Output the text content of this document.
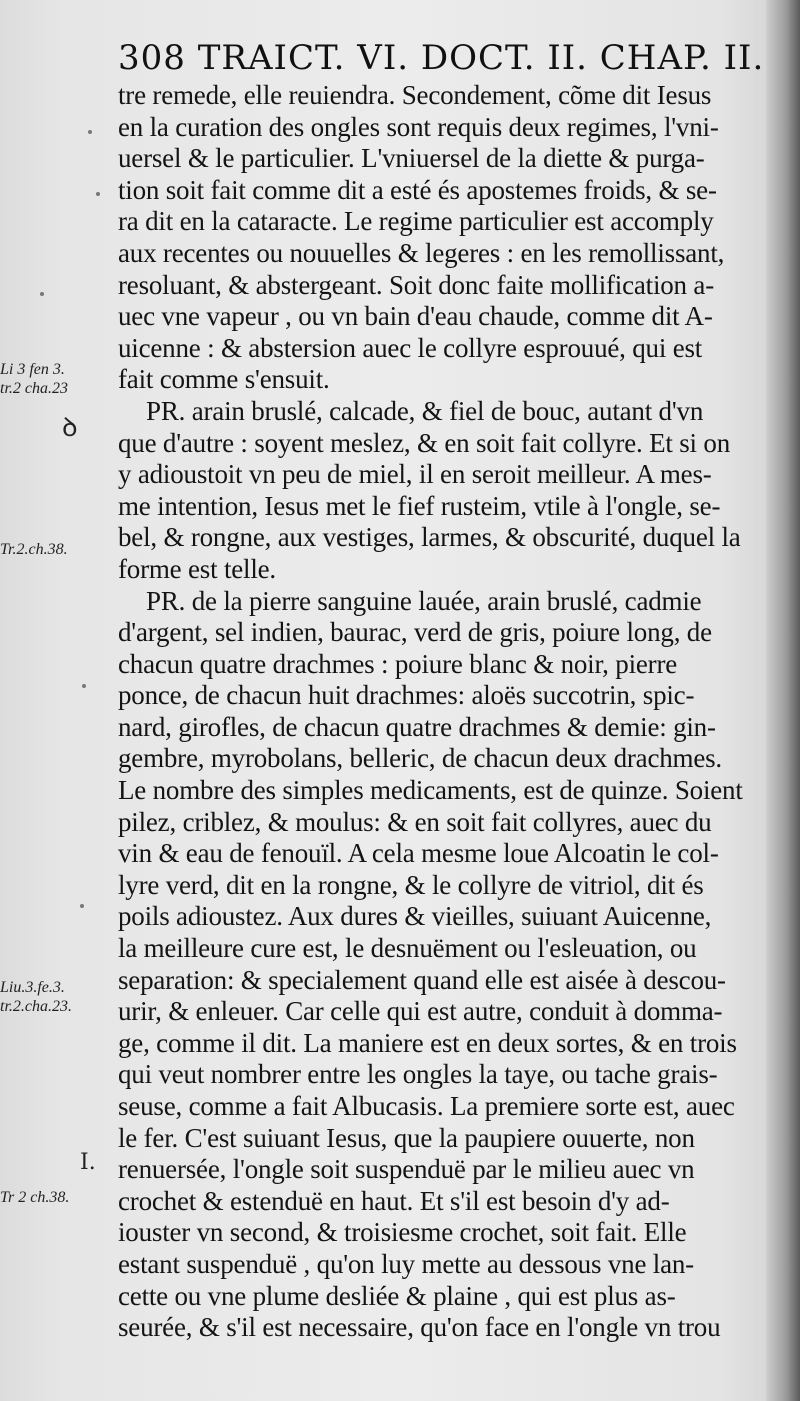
308 TRAICT. VI. DOCT. II. CHAP. II.
tre remede, elle reuiendra. Secondement, cõme dit Iesus
en la curation des ongles sont requis deux regimes, l'vni-
uersel & le particulier. L'vniuersel de la diette & purga-
tion soit fait comme dit a esté és apostemes froids, & se-
ra dit en la cataracte. Le regime particulier est accomply
aux recentes ou nouuelles & legeres : en les remollissant,
resoluant, & abstergeant. Soit donc faite mollification a-
uec vne vapeur , ou vn bain d'eau chaude, comme dit A-
uicenne : & abstersion auec le collyre esprouué, qui est
fait comme s'ensuit.
PR. arain bruslé, calcade, & fiel de bouc, autant d'vn
que d'autre : soyent meslez, & en soit fait collyre. Et si on
y adioustoit vn peu de miel, il en seroit meilleur. A mes-
me intention, Iesus met le fief rusteim, vtile à l'ongle, se-
bel, & rongne, aux vestiges, larmes, & obscurité, duquel la
forme est telle.
PR. de la pierre sanguine lauée, arain bruslé, cadmie
d'argent, sel indien, baurac, verd de gris, poiure long, de
chacun quatre drachmes : poiure blanc & noir, pierre
ponce, de chacun huit drachmes: aloës succotrin, spic-
nard, girofles, de chacun quatre drachmes & demie: gin-
gembre, myrobolans, belleric, de chacun deux drachmes.
Le nombre des simples medicaments, est de quinze. Soient
pilez, criblez, & moulus: & en soit fait collyres, auec du
vin & eau de fenouïl. A cela mesme loue Alcoatin le col-
lyre verd, dit en la rongne, & le collyre de vitriol, dit és
poils adioustez. Aux dures & vieilles, suiuant Auicenne,
la meilleure cure est, le desnuëment ou l'esleuation, ou
separation: & specialement quand elle est aisée à descou-
urir, & enleuer. Car celle qui est autre, conduit à domma-
ge, comme il dit. La maniere est en deux sortes, & en trois
qui veut nombrer entre les ongles la taye, ou tache grais-
seuse, comme a fait Albucasis. La premiere sorte est, auec
le fer. C'est suiuant Iesus, que la paupiere ouuerte, non
renuersée, l'ongle soit suspenduë par le milieu auec vn
crochet & estenduë en haut. Et s'il est besoin d'y ad-
iouster vn second, & troisiesme crochet, soit fait. Elle
estant suspenduë , qu'on luy mette au dessous vne lan-
cette ou vne plume desliée & plaine , qui est plus as-
seurée, & s'il est necessaire, qu'on face en l'ongle vn trou
Li 3 fen 3.
tr.2 cha.23
ꝺ
Tr.2.ch.38.
Liu.3.fe.3.
tr.2.cha.23.
I.
Tr 2 ch.38.
